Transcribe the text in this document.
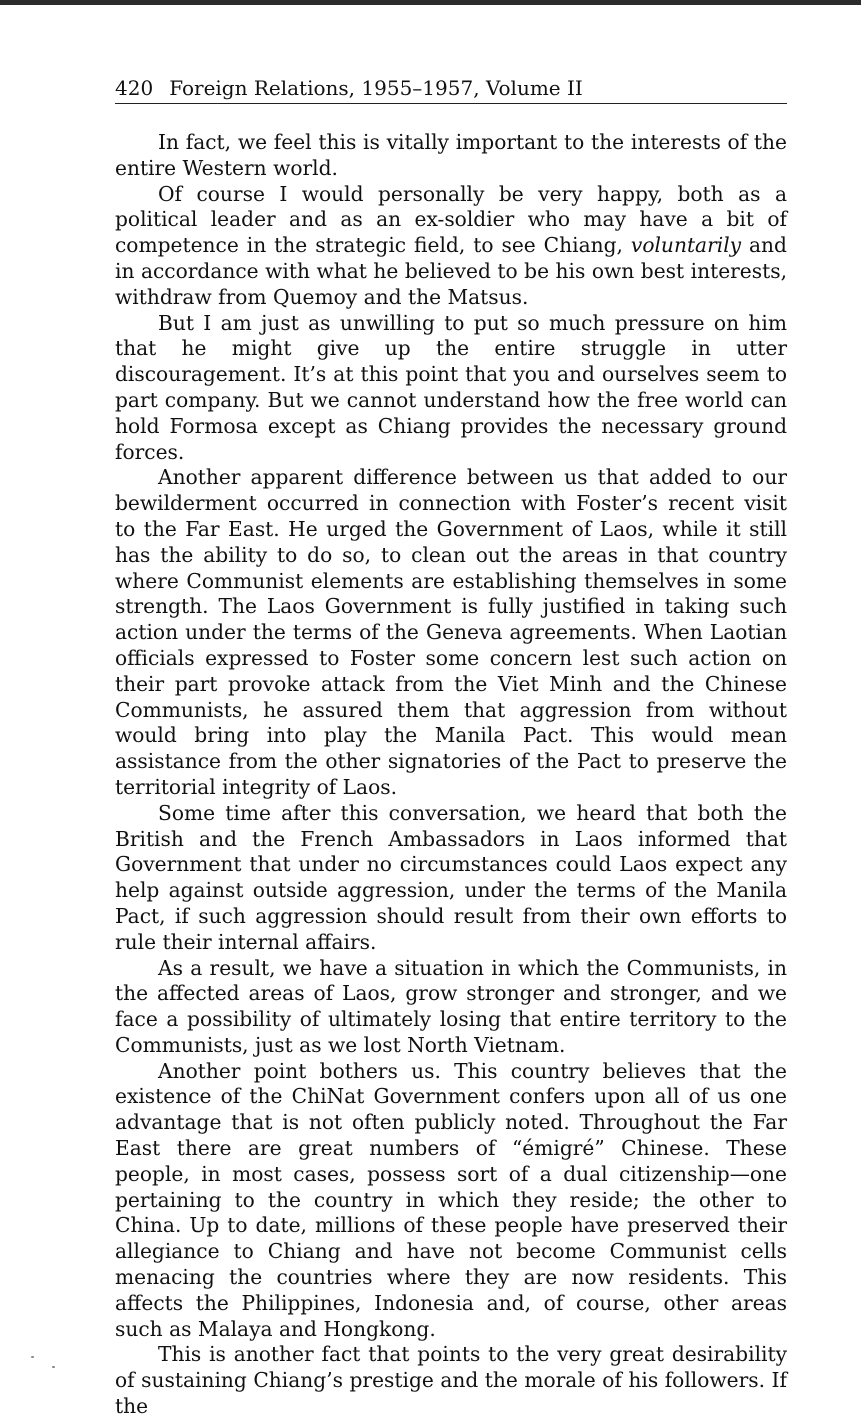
420 Foreign Relations, 1955–1957, Volume II

In fact, we feel this is vitally important to the interests of the entire Western world.

Of course I would personally be very happy, both as a political leader and as an ex-soldier who may have a bit of competence in the strategic field, to see Chiang, voluntarily and in accordance with what he believed to be his own best interests, withdraw from Quemoy and the Matsus.

But I am just as unwilling to put so much pressure on him that he might give up the entire struggle in utter discouragement. It’s at this point that you and ourselves seem to part company. But we cannot understand how the free world can hold Formosa except as Chiang provides the necessary ground forces.

Another apparent difference between us that added to our bewilderment occurred in connection with Foster’s recent visit to the Far East. He urged the Government of Laos, while it still has the ability to do so, to clean out the areas in that country where Communist elements are establishing themselves in some strength. The Laos Government is fully justified in taking such action under the terms of the Geneva agreements. When Laotian officials expressed to Foster some concern lest such action on their part provoke attack from the Viet Minh and the Chinese Communists, he assured them that aggression from without would bring into play the Manila Pact. This would mean assistance from the other signatories of the Pact to preserve the territorial integrity of Laos.

Some time after this conversation, we heard that both the British and the French Ambassadors in Laos informed that Government that under no circumstances could Laos expect any help against outside aggression, under the terms of the Manila Pact, if such aggression should result from their own efforts to rule their internal affairs.

As a result, we have a situation in which the Communists, in the affected areas of Laos, grow stronger and stronger, and we face a possibility of ultimately losing that entire territory to the Communists, just as we lost North Vietnam.

Another point bothers us. This country believes that the existence of the ChiNat Government confers upon all of us one advantage that is not often publicly noted. Throughout the Far East there are great numbers of “émigré” Chinese. These people, in most cases, possess sort of a dual citizenship—one pertaining to the country in which they reside; the other to China. Up to date, millions of these people have preserved their allegiance to Chiang and have not become Communist cells menacing the countries where they are now residents. This affects the Philippines, Indonesia and, of course, other areas such as Malaya and Hongkong.

This is another fact that points to the very great desirability of sustaining Chiang’s prestige and the morale of his followers. If the
